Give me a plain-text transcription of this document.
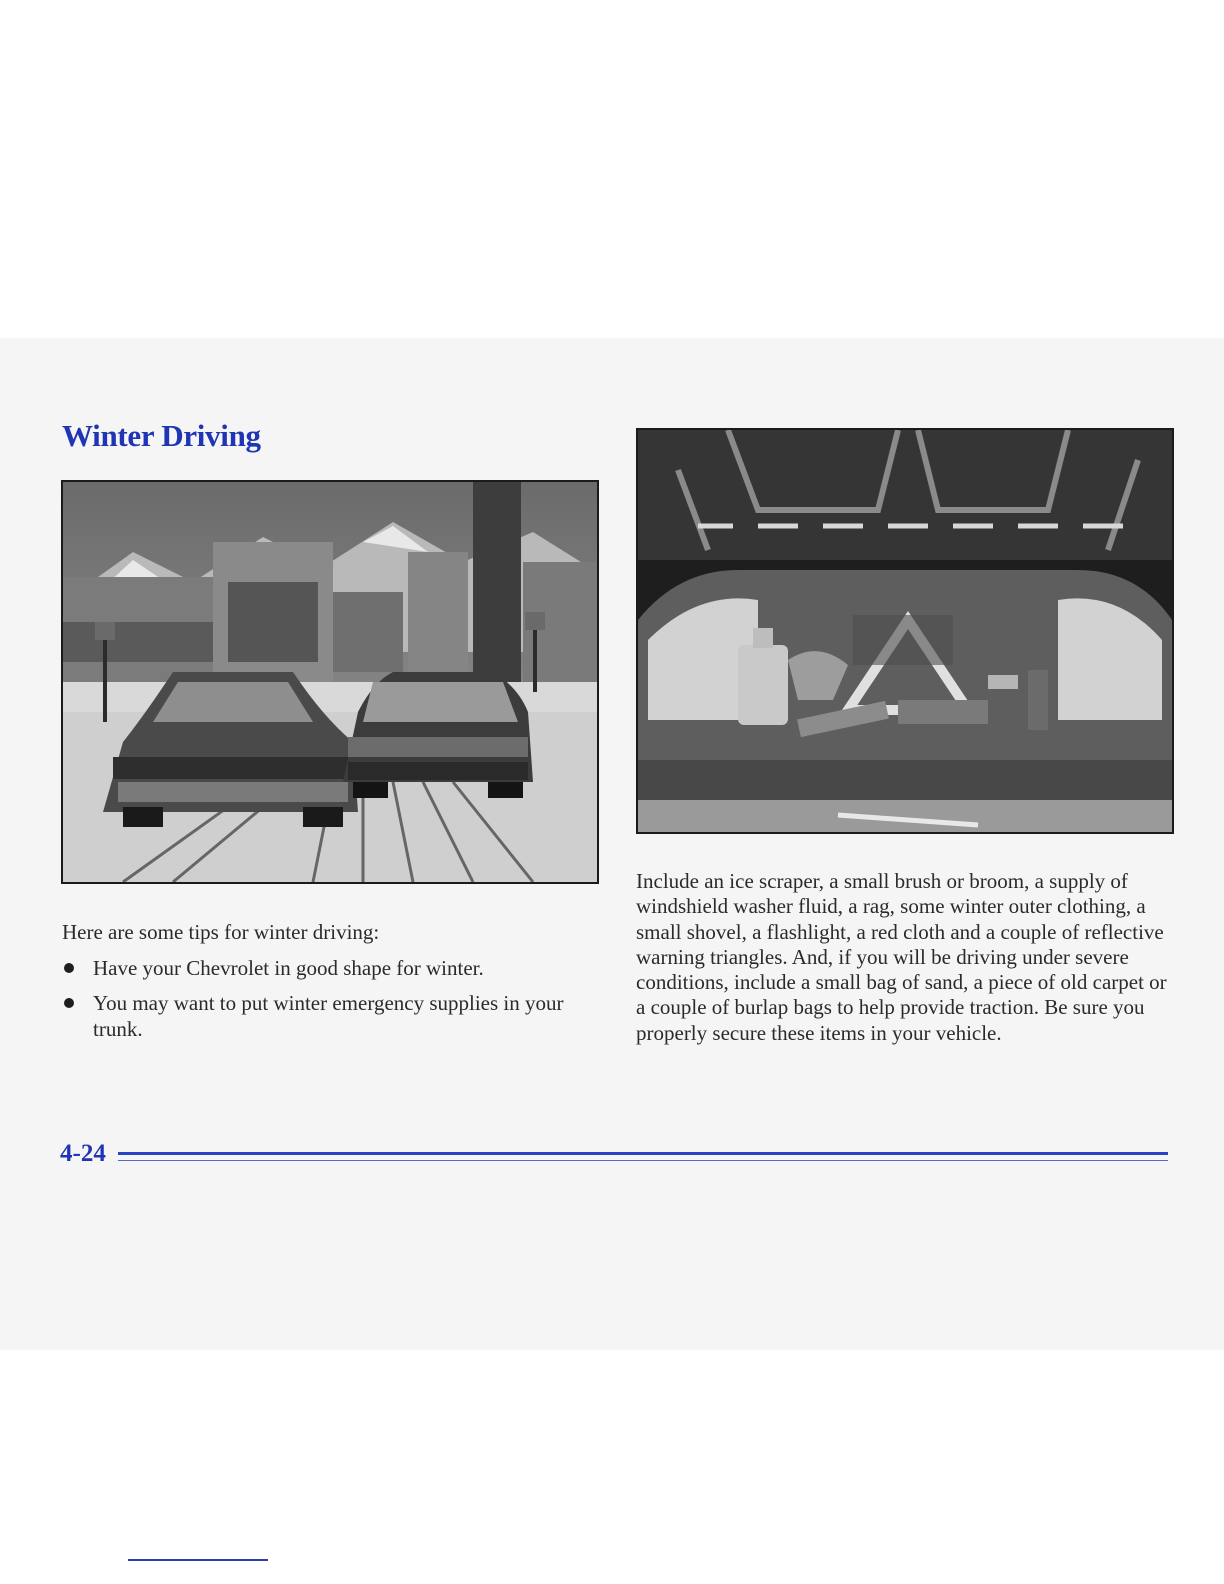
Winter Driving

Here are some tips for winter driving:

Have your Chevrolet in good shape for winter.
You may want to put winter emergency supplies in your trunk.

Include an ice scraper, a small brush or broom, a supply of windshield washer fluid, a rag, some winter outer clothing, a small shovel, a flashlight, a red cloth and a couple of reflective warning triangles. And, if you will be driving under severe conditions, include a small bag of sand, a piece of old carpet or a couple of burlap bags to help provide traction. Be sure you properly secure these items in your vehicle.

4-24
